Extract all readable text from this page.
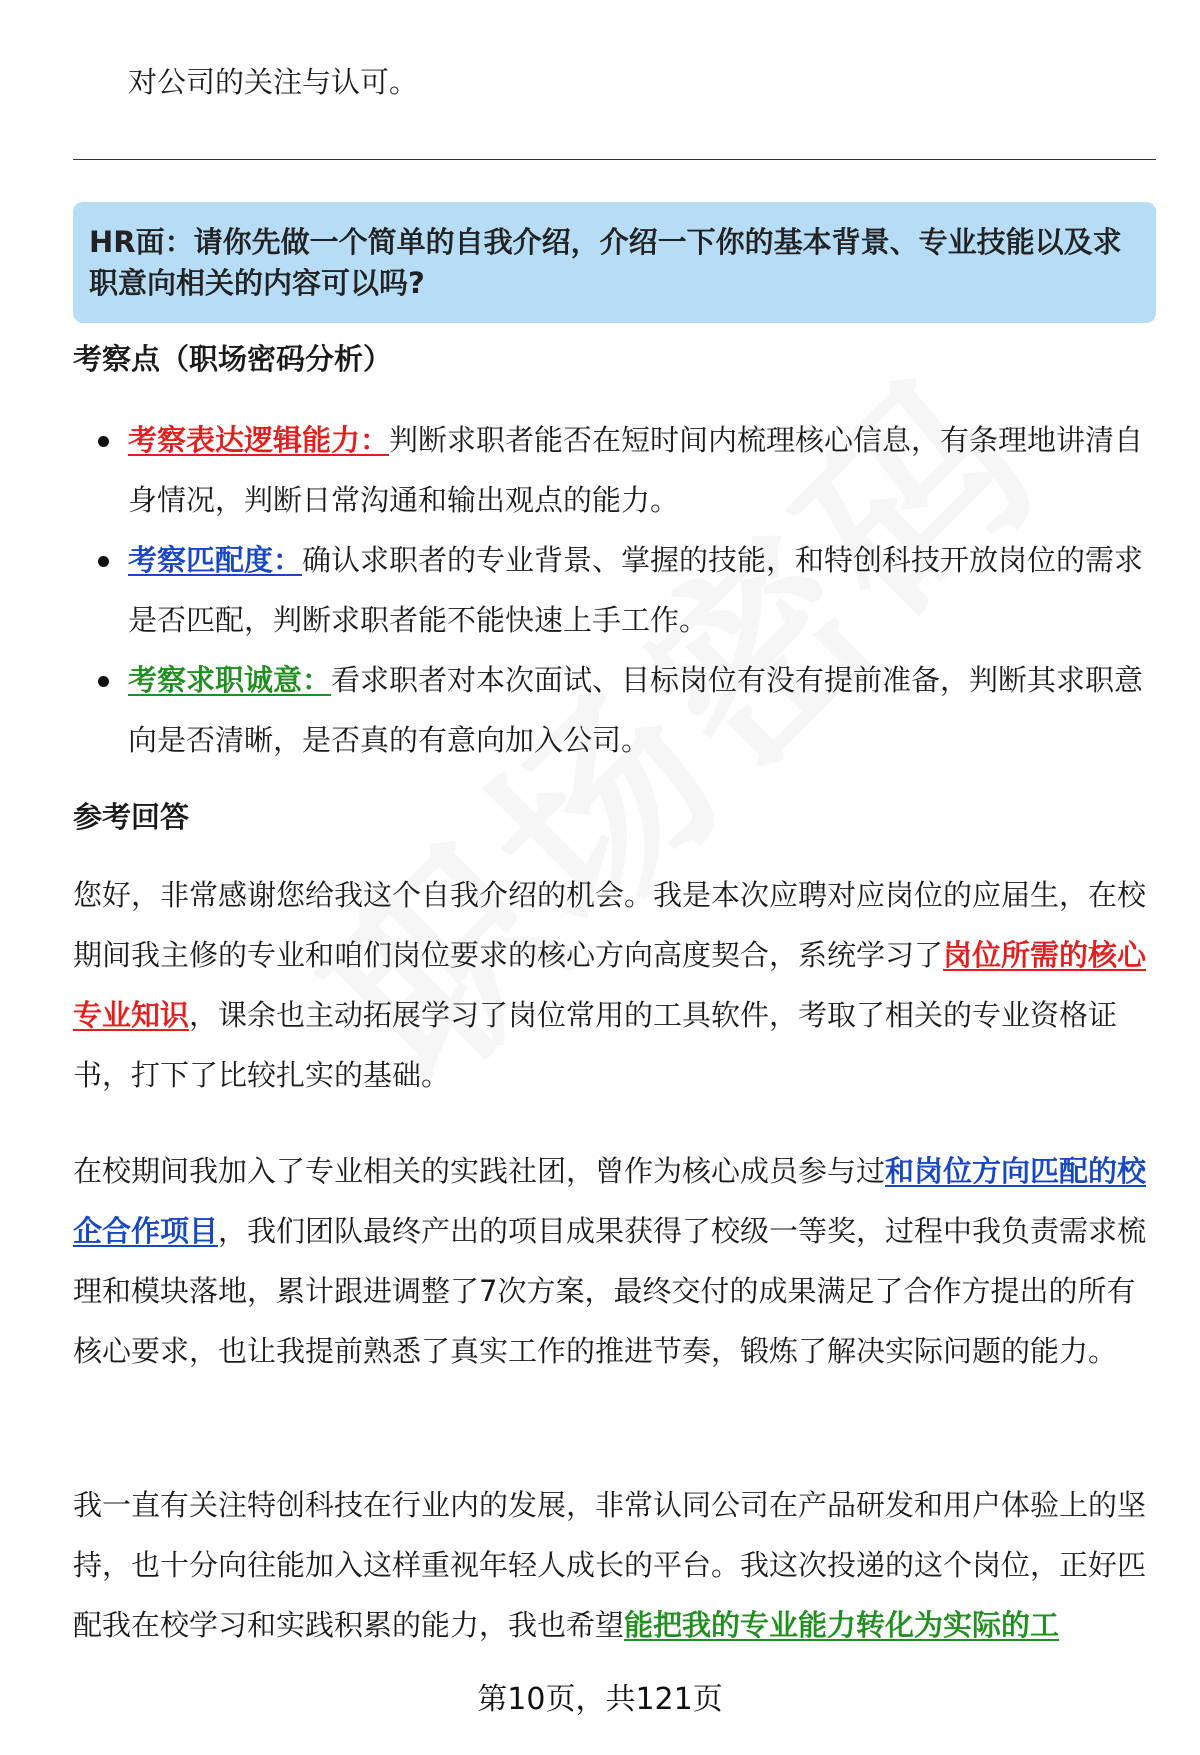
对公司的关注与认可。
HR面：请你先做一个简单的自我介绍，介绍一下你的基本背景、专业技能以及求职意向相关的内容可以吗?
考察点（职场密码分析）
考察表达逻辑能力：判断求职者能否在短时间内梳理核心信息，有条理地讲清自身情况，判断日常沟通和输出观点的能力。
考察匹配度：确认求职者的专业背景、掌握的技能，和特创科技开放岗位的需求是否匹配，判断求职者能不能快速上手工作。
考察求职诚意：看求职者对本次面试、目标岗位有没有提前准备，判断其求职意向是否清晰，是否真的有意向加入公司。
参考回答

您好，非常感谢您给我这个自我介绍的机会。我是本次应聘对应岗位的应届生，在校期间我主修的专业和咱们岗位要求的核心方向高度契合，系统学习了岗位所需的核心专业知识，课余也主动拓展学习了岗位常用的工具软件，考取了相关的专业资格证书，打下了比较扎实的基础。

在校期间我加入了专业相关的实践社团，曾作为核心成员参与过和岗位方向匹配的校企合作项目，我们团队最终产出的项目成果获得了校级一等奖，过程中我负责需求梳理和模块落地，累计跟进调整了7次方案，最终交付的成果满足了合作方提出的所有核心要求，也让我提前熟悉了真实工作的推进节奏，锻炼了解决实际问题的能力。

我一直有关注特创科技在行业内的发展，非常认同公司在产品研发和用户体验上的坚持，也十分向往能加入这样重视年轻人成长的平台。我这次投递的这个岗位，正好匹配我在校学习和实践积累的能力，我也希望能把我的专业能力转化为实际的工

第10页，共121页
